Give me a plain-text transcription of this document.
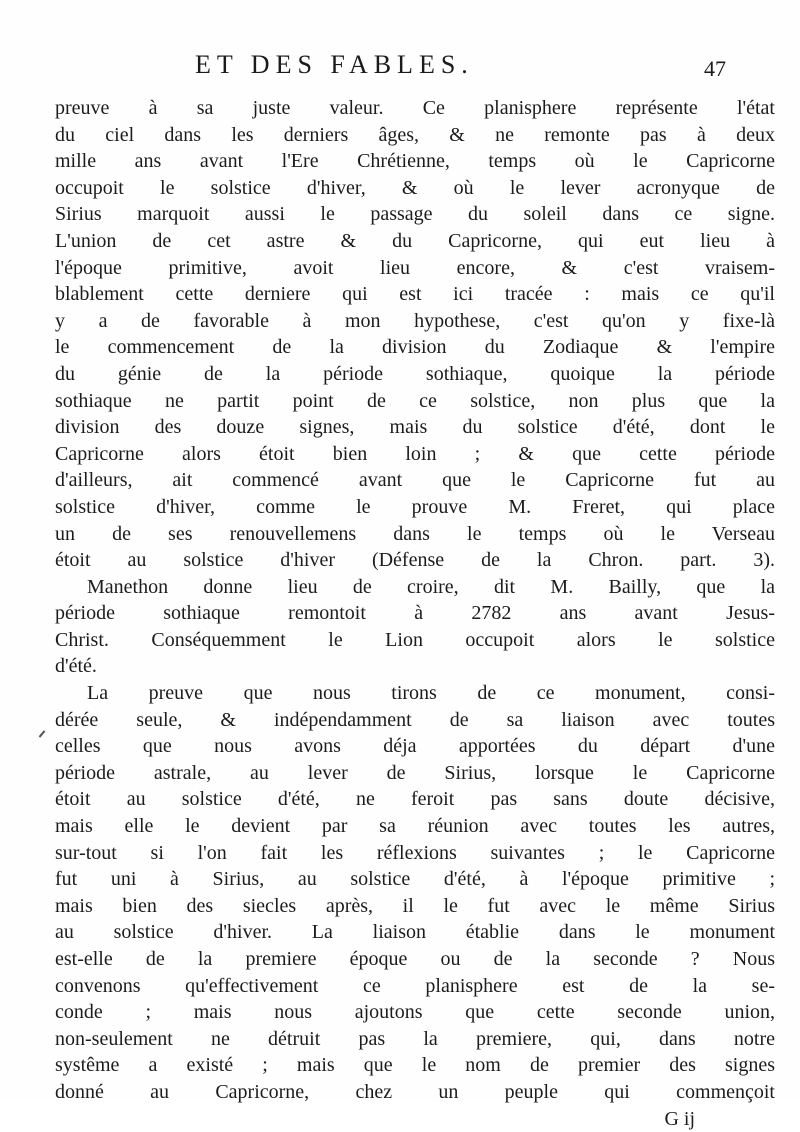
ET DES FABLES.	47
preuve à sa juste valeur. Ce planisphere représente l'état
du ciel dans les derniers âges, & ne remonte pas à deux
mille ans avant l'Ere Chrétienne, temps où le Capricorne
occupoit le solstice d'hiver, & où le lever acronyque de
Sirius marquoit aussi le passage du soleil dans ce signe.
L'union de cet astre & du Capricorne, qui eut lieu à
l'époque primitive, avoit lieu encore, & c'est vraisem-
blablement cette derniere qui est ici tracée : mais ce qu'il
y a de favorable à mon hypothese, c'est qu'on y fixe-là
le commencement de la division du Zodiaque & l'empire
du génie de la période sothiaque, quoique la période
sothiaque ne partit point de ce solstice, non plus que la
division des douze signes, mais du solstice d'été, dont le
Capricorne alors étoit bien loin ; & que cette période
d'ailleurs, ait commencé avant que le Capricorne fut au
solstice d'hiver, comme le prouve M. Freret, qui place
un de ses renouvellemens dans le temps où le Verseau
étoit au solstice d'hiver (Défense de la Chron. part. 3).
Manethon donne lieu de croire, dit M. Bailly, que la
période sothiaque remontoit à 2782 ans avant Jesus-
Christ. Conséquemment le Lion occupoit alors le solstice
d'été.
La preuve que nous tirons de ce monument, consi-
dérée seule, & indépendamment de sa liaison avec toutes
celles que nous avons déja apportées du départ d'une
période astrale, au lever de Sirius, lorsque le Capricorne
étoit au solstice d'été, ne feroit pas sans doute décisive,
mais elle le devient par sa réunion avec toutes les autres,
sur-tout si l'on fait les réflexions suivantes ; le Capricorne
fut uni à Sirius, au solstice d'été, à l'époque primitive ;
mais bien des siecles après, il le fut avec le même Sirius
au solstice d'hiver. La liaison établie dans le monument
est-elle de la premiere époque ou de la seconde ? Nous
convenons qu'effectivement ce planisphere est de la se-
conde ; mais nous ajoutons que cette seconde union,
non-seulement ne détruit pas la premiere, qui, dans notre
systême a existé ; mais que le nom de premier des signes
donné au Capricorne, chez un peuple qui commençoit
G ij
